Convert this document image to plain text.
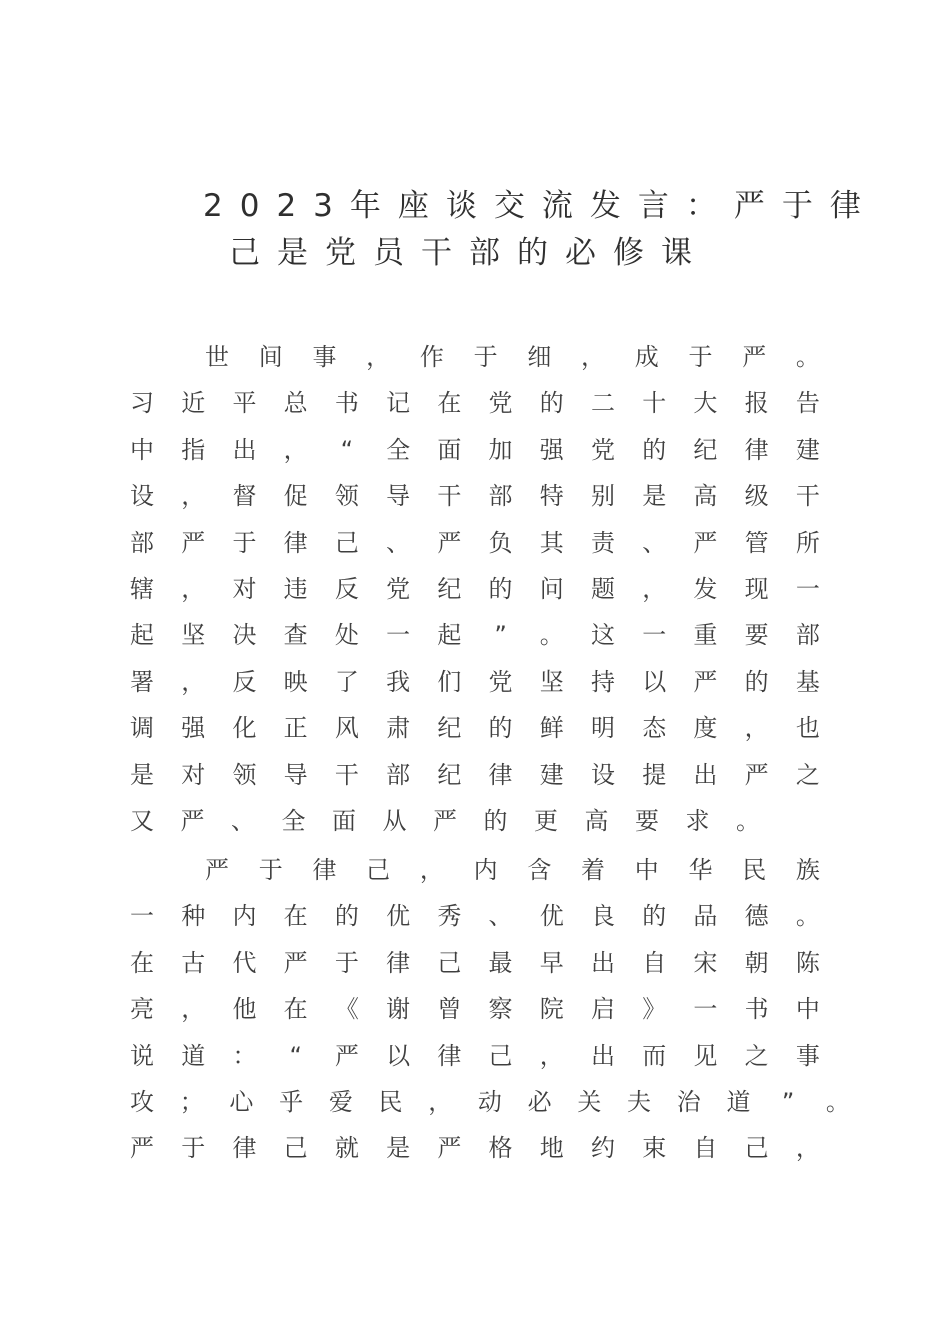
2023年座谈交流发言：严于律
己是党员干部的必修课
世 间 事 ， 作 于 细 ， 成 于 严 。
习 近 平 总 书 记 在 党 的 二 十 大 报 告
中 指 出 ， “ 全 面 加 强 党 的 纪 律 建
设 ， 督 促 领 导 干 部 特 别 是 高 级 干
部 严 于 律 己 、 严 负 其 责 、 严 管 所
辖 ， 对 违 反 党 纪 的 问 题 ， 发 现 一
起 坚 决 查 处 一 起 ” 。 这 一 重 要 部
署 ， 反 映 了 我 们 党 坚 持 以 严 的 基
调 强 化 正 风 肃 纪 的 鲜 明 态 度 ， 也
是 对 领 导 干 部 纪 律 建 设 提 出 严 之
又 严 、 全 面 从 严 的 更 高 要 求 。
严 于 律 己 ， 内 含 着 中 华 民 族
一 种 内 在 的 优 秀 、 优 良 的 品 德 。
在 古 代 严 于 律 己 最 早 出 自 宋 朝 陈
亮 ， 他 在 《 谢 曾 察 院 启 》 一 书 中
说 道 ： “ 严 以 律 己 ， 出 而 见 之 事
攻 ； 心 乎 爱 民 ， 动 必 关 夫 治 道 ” 。
严 于 律 己 就 是 严 格 地 约 束 自 己 ，
